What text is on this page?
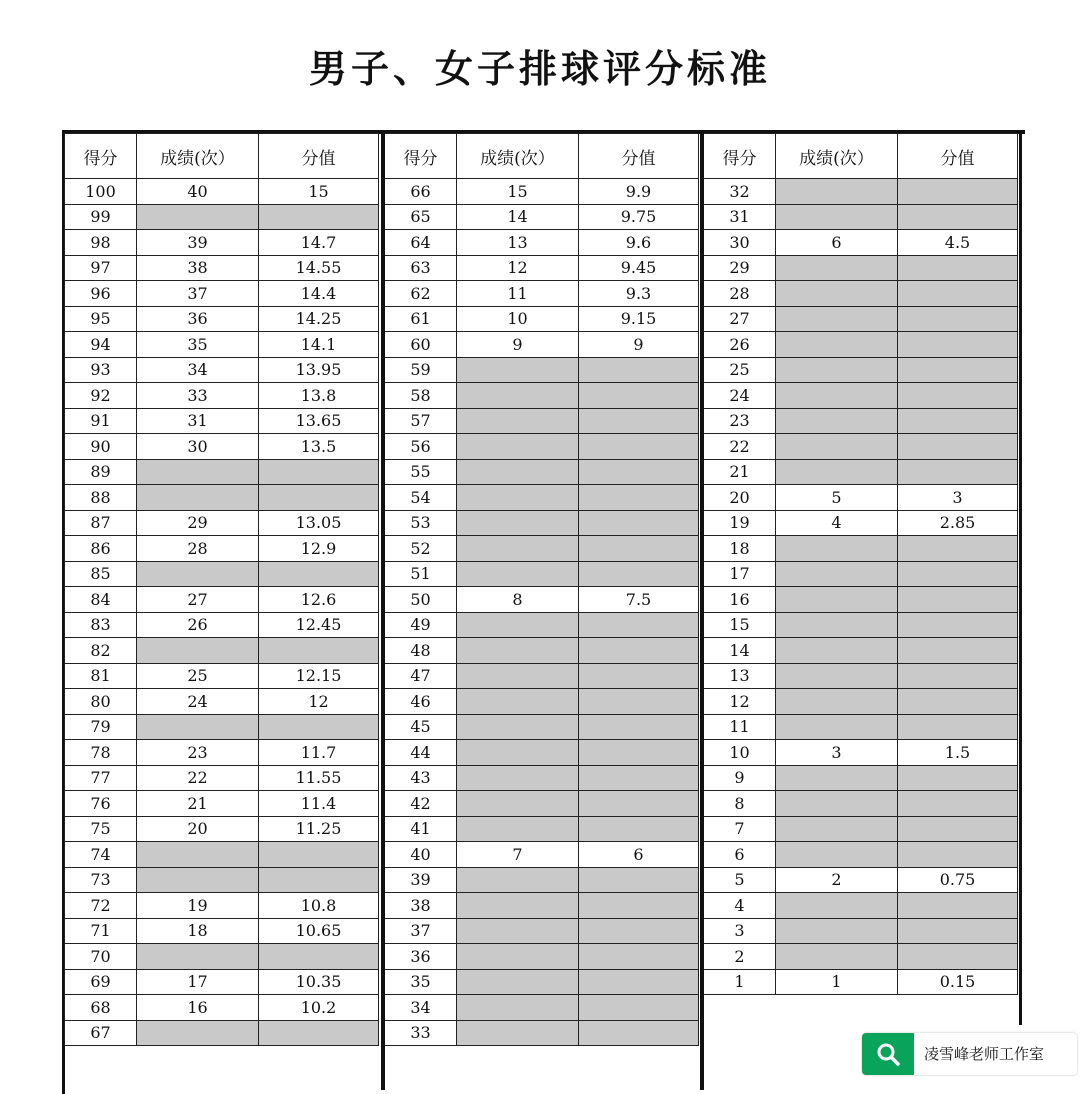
男子、女子排球评分标准
得分	成绩(次）	分值
100	40	15
99		
98	39	14.7
97	38	14.55
96	37	14.4
95	36	14.25
94	35	14.1
93	34	13.95
92	33	13.8
91	31	13.65
90	30	13.5
89		
88		
87	29	13.05
86	28	12.9
85		
84	27	12.6
83	26	12.45
82		
81	25	12.15
80	24	12
79		
78	23	11.7
77	22	11.55
76	21	11.4
75	20	11.25
74		
73		
72	19	10.8
71	18	10.65
70		
69	17	10.35
68	16	10.2
67		
得分	成绩(次）	分值
66	15	9.9
65	14	9.75
64	13	9.6
63	12	9.45
62	11	9.3
61	10	9.15
60	9	9
59		
58		
57		
56		
55		
54		
53		
52		
51		
50	8	7.5
49		
48		
47		
46		
45		
44		
43		
42		
41		
40	7	6
39		
38		
37		
36		
35		
34		
33		
得分	成绩(次）	分值
32		
31		
30	6	4.5
29		
28		
27		
26		
25		
24		
23		
22		
21		
20	5	3
19	4	2.85
18		
17		
16		
15		
14		
13		
12		
11		
10	3	1.5
9		
8		
7		
6		
5	2	0.75
4		
3		
2		
1	1	0.15
凌雪峰老师工作室
